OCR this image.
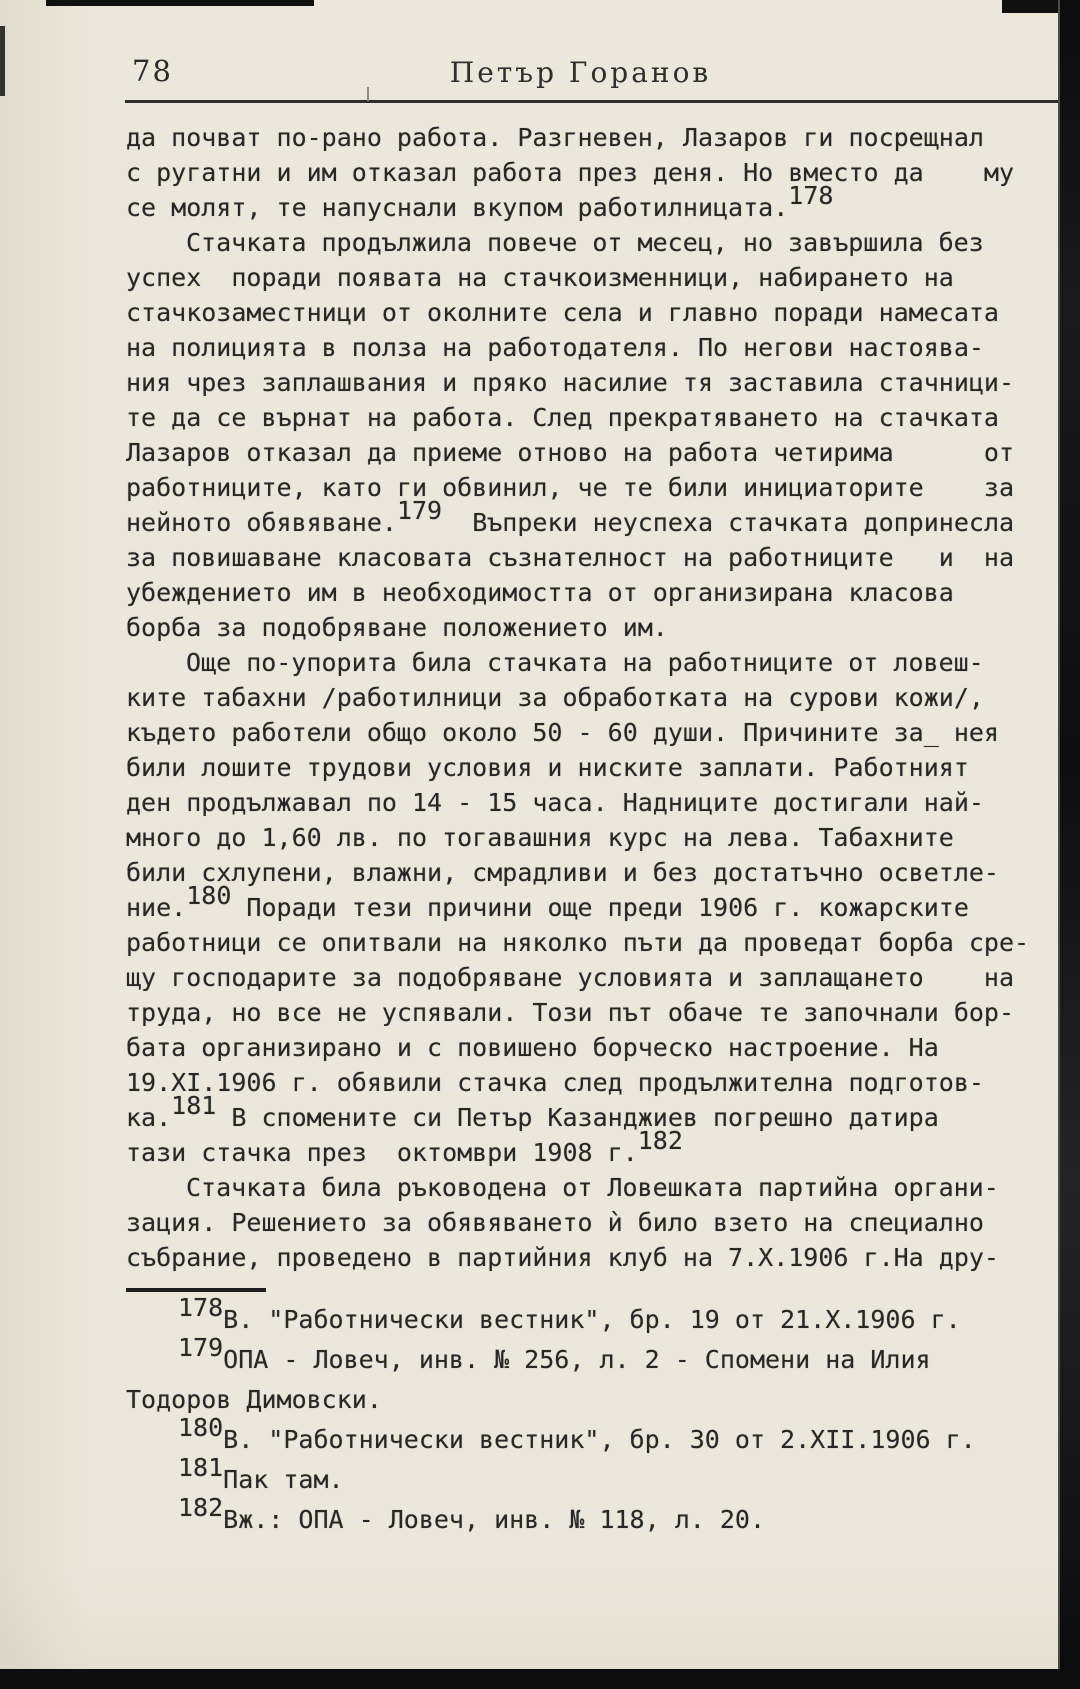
78	Петър Горанов
да почват по-рано работа. Разгневен, Лазаров ги посрещнал
с ругатни и им отказал работа през деня. Но вместо да    му
се молят, те напуснали вкупом работилницата.178
Стачката продължила повече от месец, но завършила без
успех  поради появата на стачкоизменници, набирането на
стачкозаместници от околните села и главно поради намесата
на полицията в полза на работодателя. По негови настоява-
ния чрез заплашвания и пряко насилие тя заставила стачници-
те да се върнат на работа. След прекратяването на стачката
Лазаров отказал да приеме отново на работа четирима      от
работниците, като ги обвинил, че те били инициаторите    за
нейното обявяване.179  Въпреки неуспеха стачката допринесла
за повишаване класовата съзнателност на работниците   и  на
убеждението им в необходимостта от организирана класова
борба за подобряване положението им.
Още по-упорита била стачката на работниците от ловеш-
ките табахни /работилници за обработката на сурови кожи/,
където работели общо около 50 - 60 души. Причините за_ нея
били лошите трудови условия и ниските заплати. Работният
ден продължавал по 14 - 15 часа. Надниците достигали най-
много до 1,60 лв. по тогавашния курс на лева. Табахните
били схлупени, влажни, смрадливи и без достатъчно осветле-
ние.180 Поради тези причини още преди 1906 г. кожарските
работници се опитвали на няколко пъти да проведат борба сре-
щу господарите за подобряване условията и заплащането    на
труда, но все не успявали. Този път обаче те започнали бор-
бата организирано и с повишено борческо настроение. На
19.XI.1906 г. обявили стачка след продължителна подготов-
ка.181 В спомените си Петър Казанджиев погрешно датира
тази стачка през  октомври 1908 г.182
Стачката била ръководена от Ловешката партийна органи-
зация. Решението за обявяването ѝ било взето на специално
събрание, проведено в партийния клуб на 7.X.1906 г.На дру-
178В. "Работнически вестник", бр. 19 от 21.X.1906 г.
179ОПА - Ловеч, инв. № 256, л. 2 - Спомени на Илия
Тодоров Димовски.
180В. "Работнически вестник", бр. 30 от 2.XII.1906 г.
181Пак там.
182Вж.: ОПА - Ловеч, инв. № 118, л. 20.
